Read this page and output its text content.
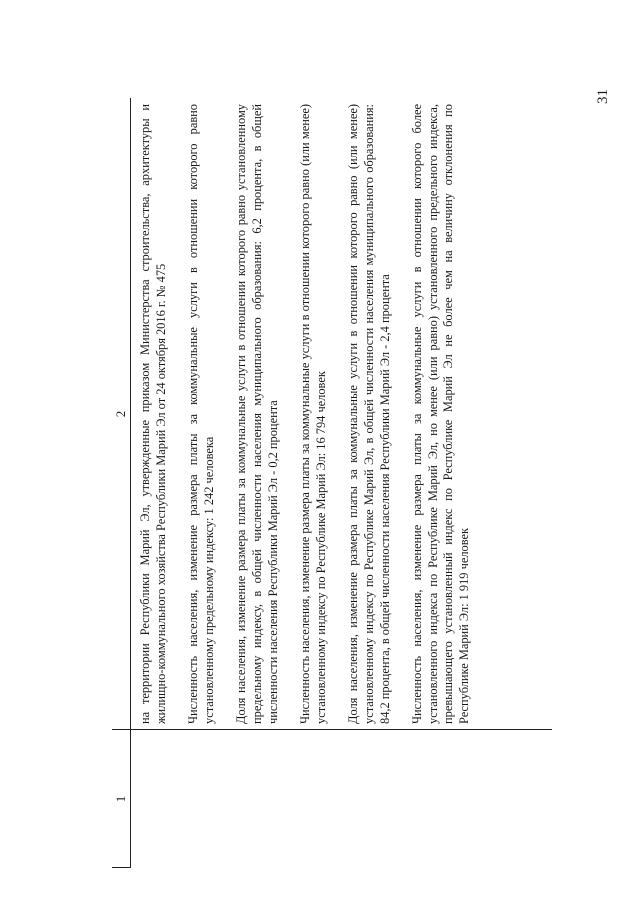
31
1
2 на территории Республики Марий Эл, утвержденные приказом Министерства строительства, архитектуры и жилищно-коммунального хозяйства Республики Марий Эл от 24 октября 2016 г. № 475 Численность населения, изменение размера платы за коммунальные услуги в отношении которого равно установленному предельному индексу: 1 242 человека Доля населения, изменение размера платы за коммунальные услуги в отношении которого равно установленному предельному индексу, в общей численности населения муниципального образования: 6,2 процента, в общей численности населения Республики Марий Эл - 0,2 процента Численность населения, изменение размера платы за коммунальные услуги в отношении которого равно (или менее) установленному индексу по Республике Марий Эл: 16 794 человек Доля населения, изменение размера платы за коммунальные услуги в отношении которого равно (или менее) установленному индексу по Республике Марий Эл, в общей численности населения муниципального образования: 84,2 процента, в общей численности населения Республики Марий Эл - 2,4 процента Численность населения, изменение размера платы за коммунальные услуги в отношении которого более установленного индекса по Республике Марий Эл, но менее (или равно) установленного предельного индекса, превышающего установленный индекс по Республике Марий Эл не более чем на величину отклонения по Республике Марий Эл: 1 919 человек
